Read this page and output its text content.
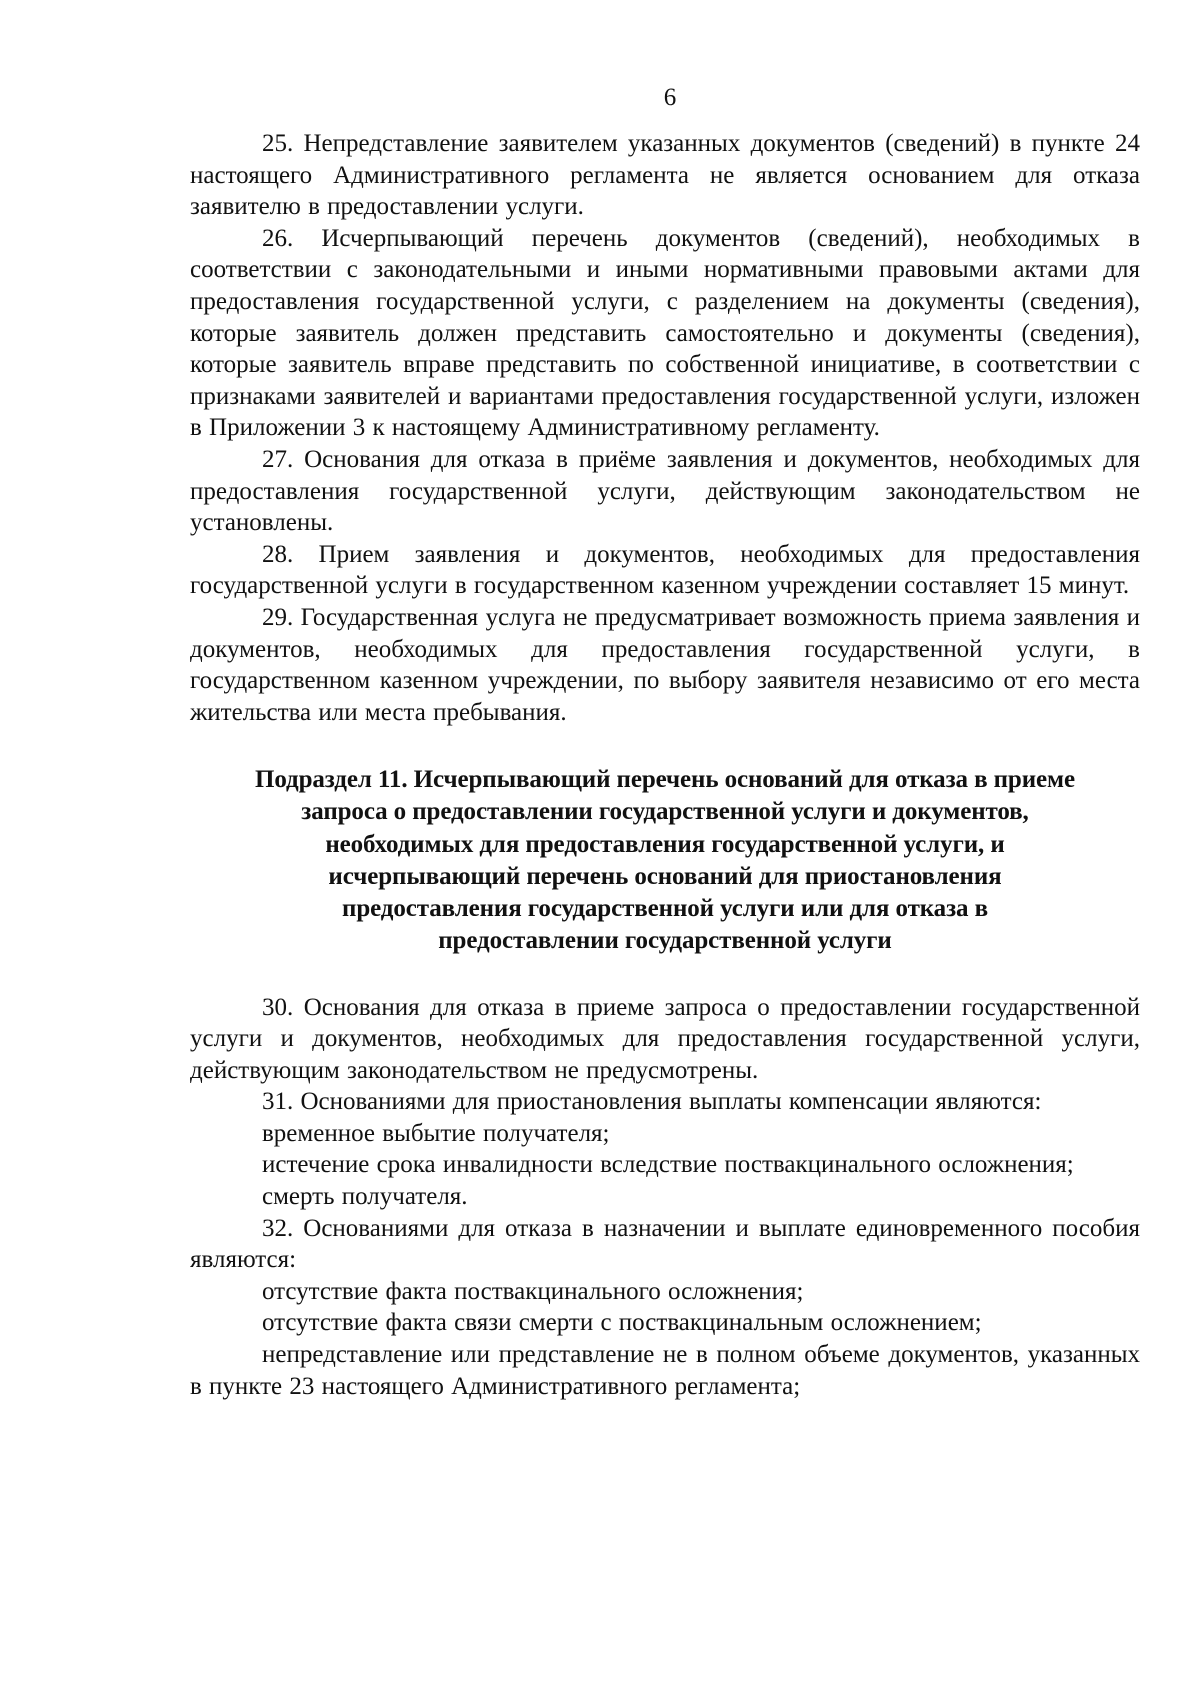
6

25. Непредставление заявителем указанных документов (сведений) в пункте 24 настоящего Административного регламента не является основанием для отказа заявителю в предоставлении услуги.

26. Исчерпывающий перечень документов (сведений), необходимых в соответствии с законодательными и иными нормативными правовыми актами для предоставления государственной услуги, с разделением на документы (сведения), которые заявитель должен представить самостоятельно и документы (сведения), которые заявитель вправе представить по собственной инициативе, в соответствии с признаками заявителей и вариантами предоставления государственной услуги, изложен в Приложении 3 к настоящему Административному регламенту.

27. Основания для отказа в приёме заявления и документов, необходимых для предоставления государственной услуги, действующим законодательством не установлены.

28. Прием заявления и документов, необходимых для предоставления государственной услуги в государственном казенном учреждении составляет 15 минут.

29. Государственная услуга не предусматривает возможность приема заявления и документов, необходимых для предоставления государственной услуги, в государственном казенном учреждении, по выбору заявителя независимо от его места жительства или места пребывания.

Подраздел 11. Исчерпывающий перечень оснований для отказа в приеме
запроса о предоставлении государственной услуги и документов,
необходимых для предоставления государственной услуги, и
исчерпывающий перечень оснований для приостановления
предоставления государственной услуги или для отказа в
предоставлении государственной услуги

30. Основания для отказа в приеме запроса о предоставлении государственной услуги и документов, необходимых для предоставления государственной услуги, действующим законодательством не предусмотрены.

31. Основаниями для приостановления выплаты компенсации являются:

временное выбытие получателя;

истечение срока инвалидности вследствие поствакцинального осложнения;

смерть получателя.

32. Основаниями для отказа в назначении и выплате единовременного пособия являются:

отсутствие факта поствакцинального осложнения;

отсутствие факта связи смерти с поствакцинальным осложнением;

непредставление или представление не в полном объеме документов, указанных в пункте 23 настоящего Административного регламента;
